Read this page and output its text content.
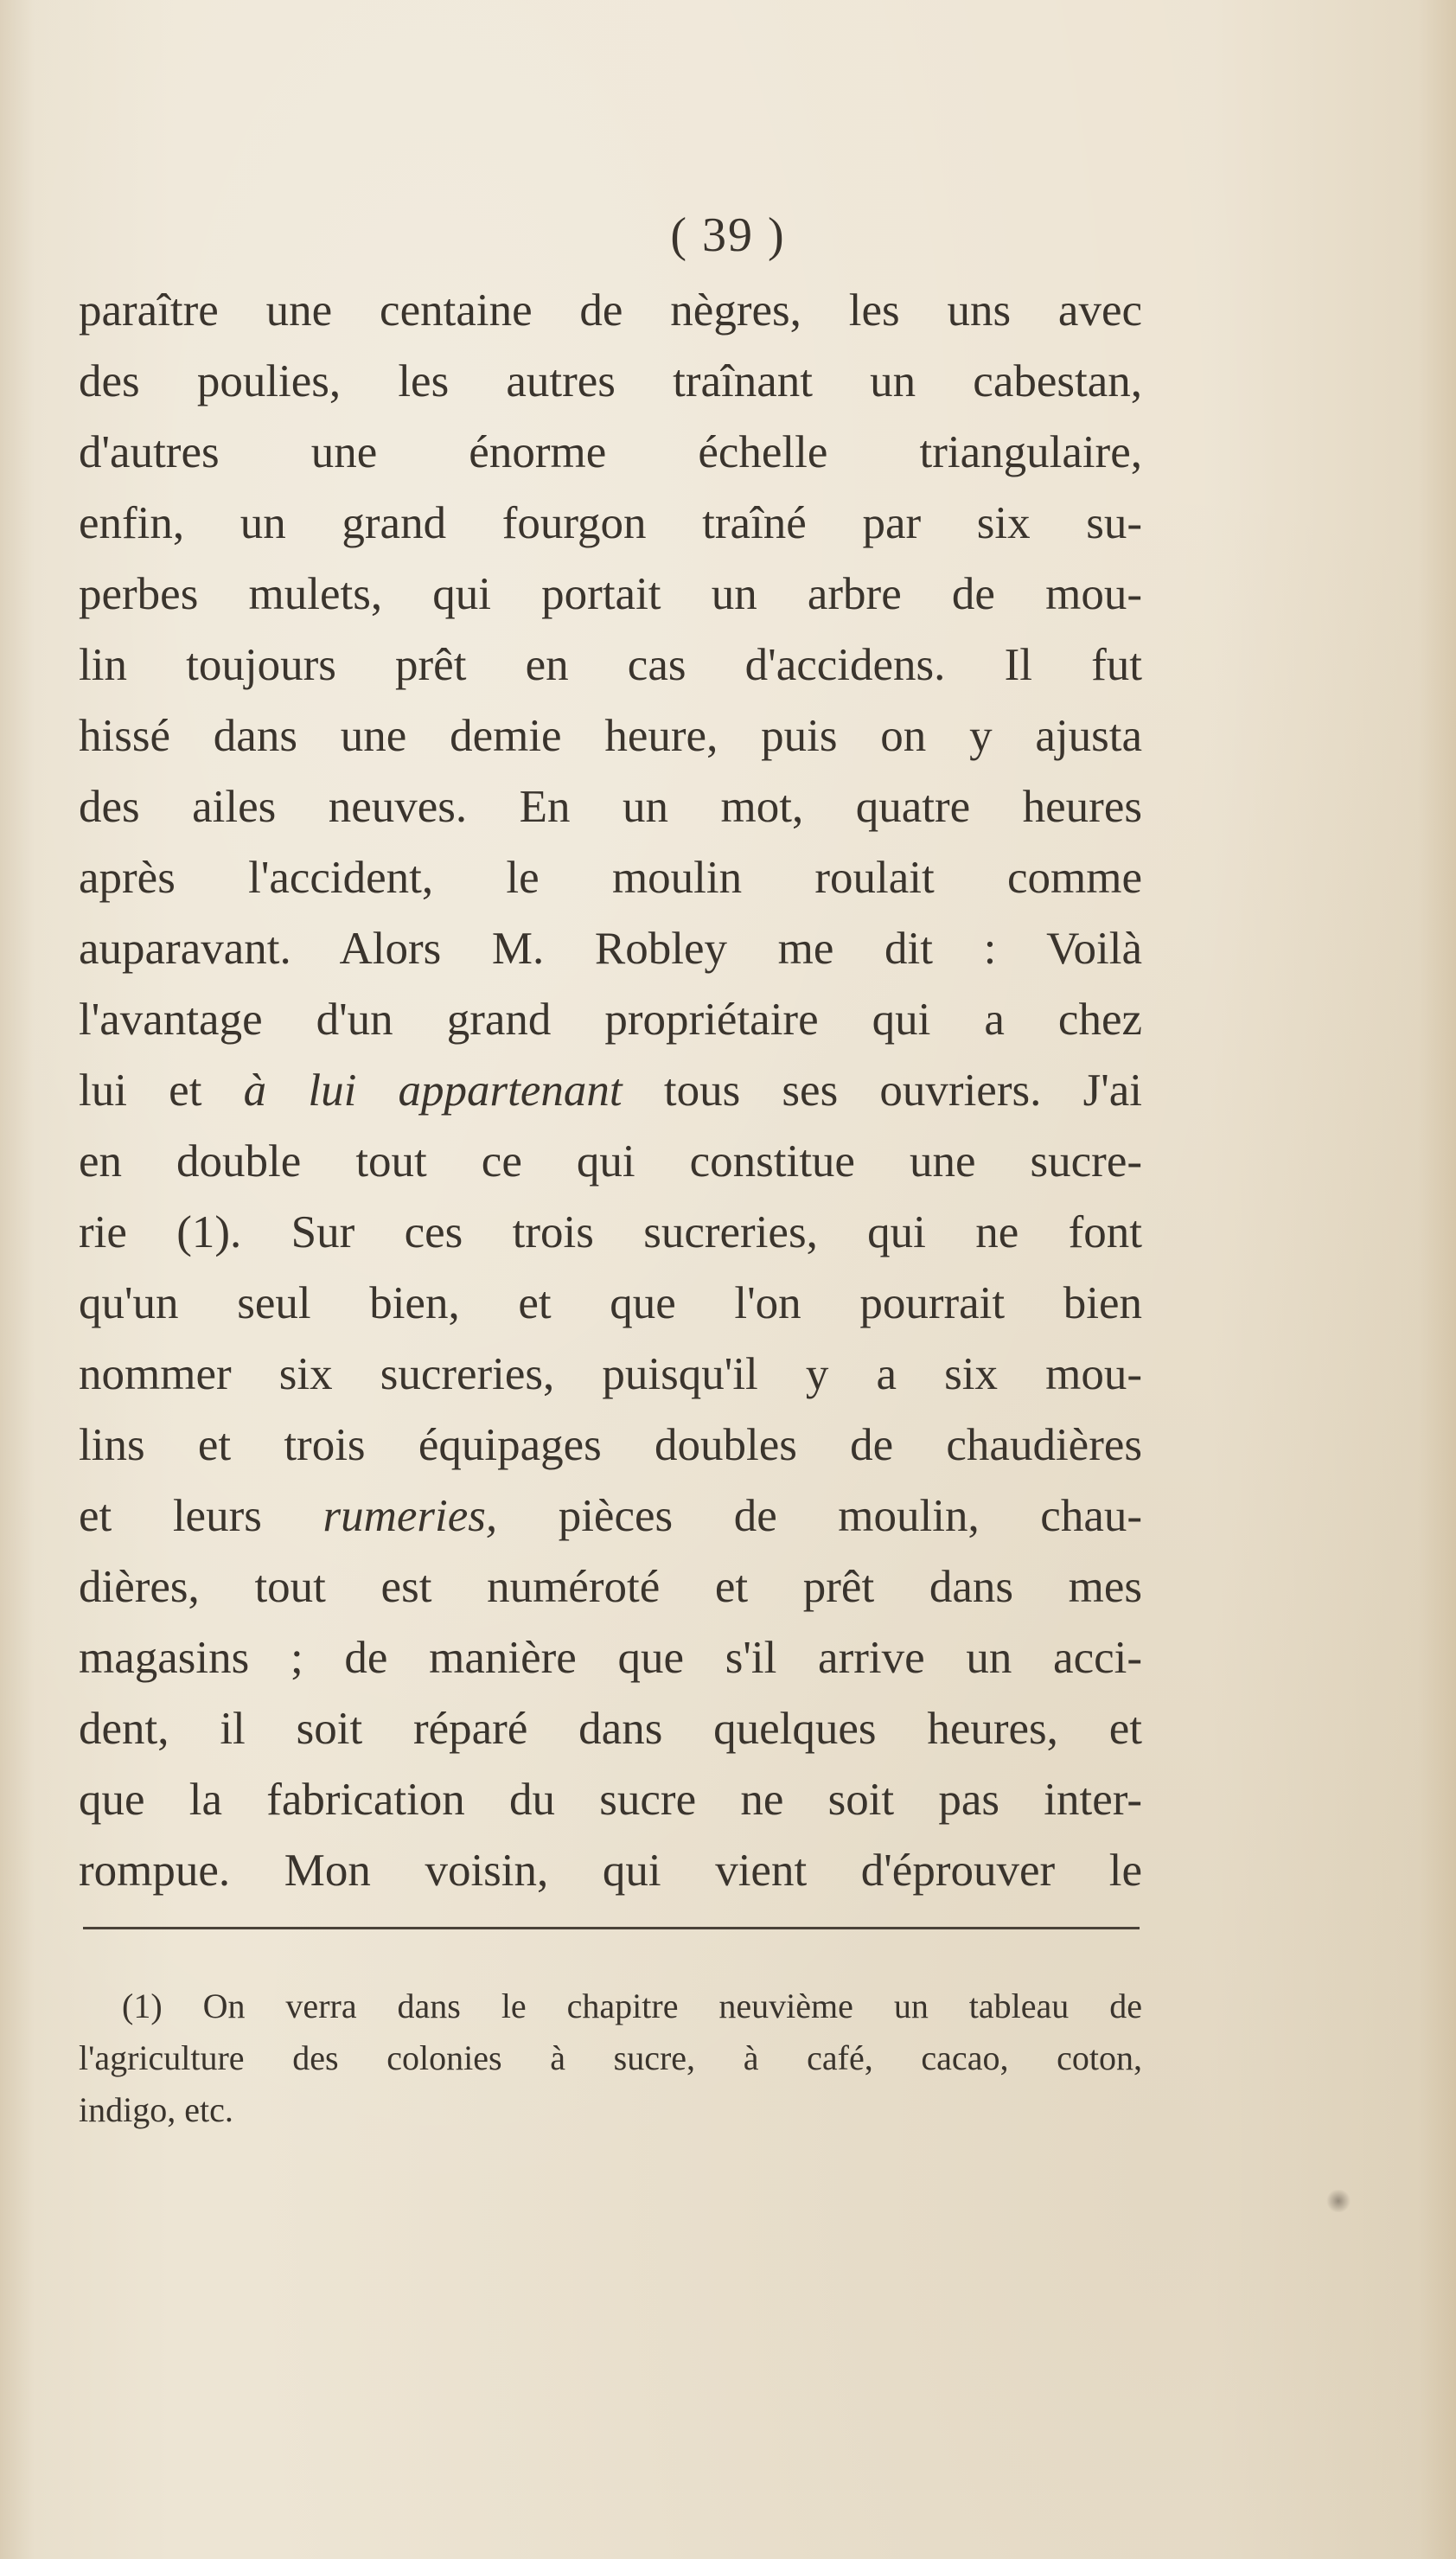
( 39 )
paraître une centaine de nègres, les uns avec
des poulies, les autres traînant un cabestan,
d'autres une énorme échelle triangulaire,
enfin, un grand fourgon traîné par six su-
perbes mulets, qui portait un arbre de mou-
lin toujours prêt en cas d'accidens. Il fut
hissé dans une demie heure, puis on y ajusta
des ailes neuves. En un mot, quatre heures
après l'accident, le moulin roulait comme
auparavant. Alors M. Robley me dit : Voilà
l'avantage d'un grand propriétaire qui a chez
lui et à lui appartenant tous ses ouvriers. J'ai
en double tout ce qui constitue une sucre-
rie (1). Sur ces trois sucreries, qui ne font
qu'un seul bien, et que l'on pourrait bien
nommer six sucreries, puisqu'il y a six mou-
lins et trois équipages doubles de chaudières
et leurs rumeries, pièces de moulin, chau-
dières, tout est numéroté et prêt dans mes
magasins ; de manière que s'il arrive un acci-
dent, il soit réparé dans quelques heures, et
que la fabrication du sucre ne soit pas inter-
rompue. Mon voisin, qui vient d'éprouver le
(1) On verra dans le chapitre neuvième un tableau de
l'agriculture des colonies à sucre, à café, cacao, coton,
indigo, etc.
